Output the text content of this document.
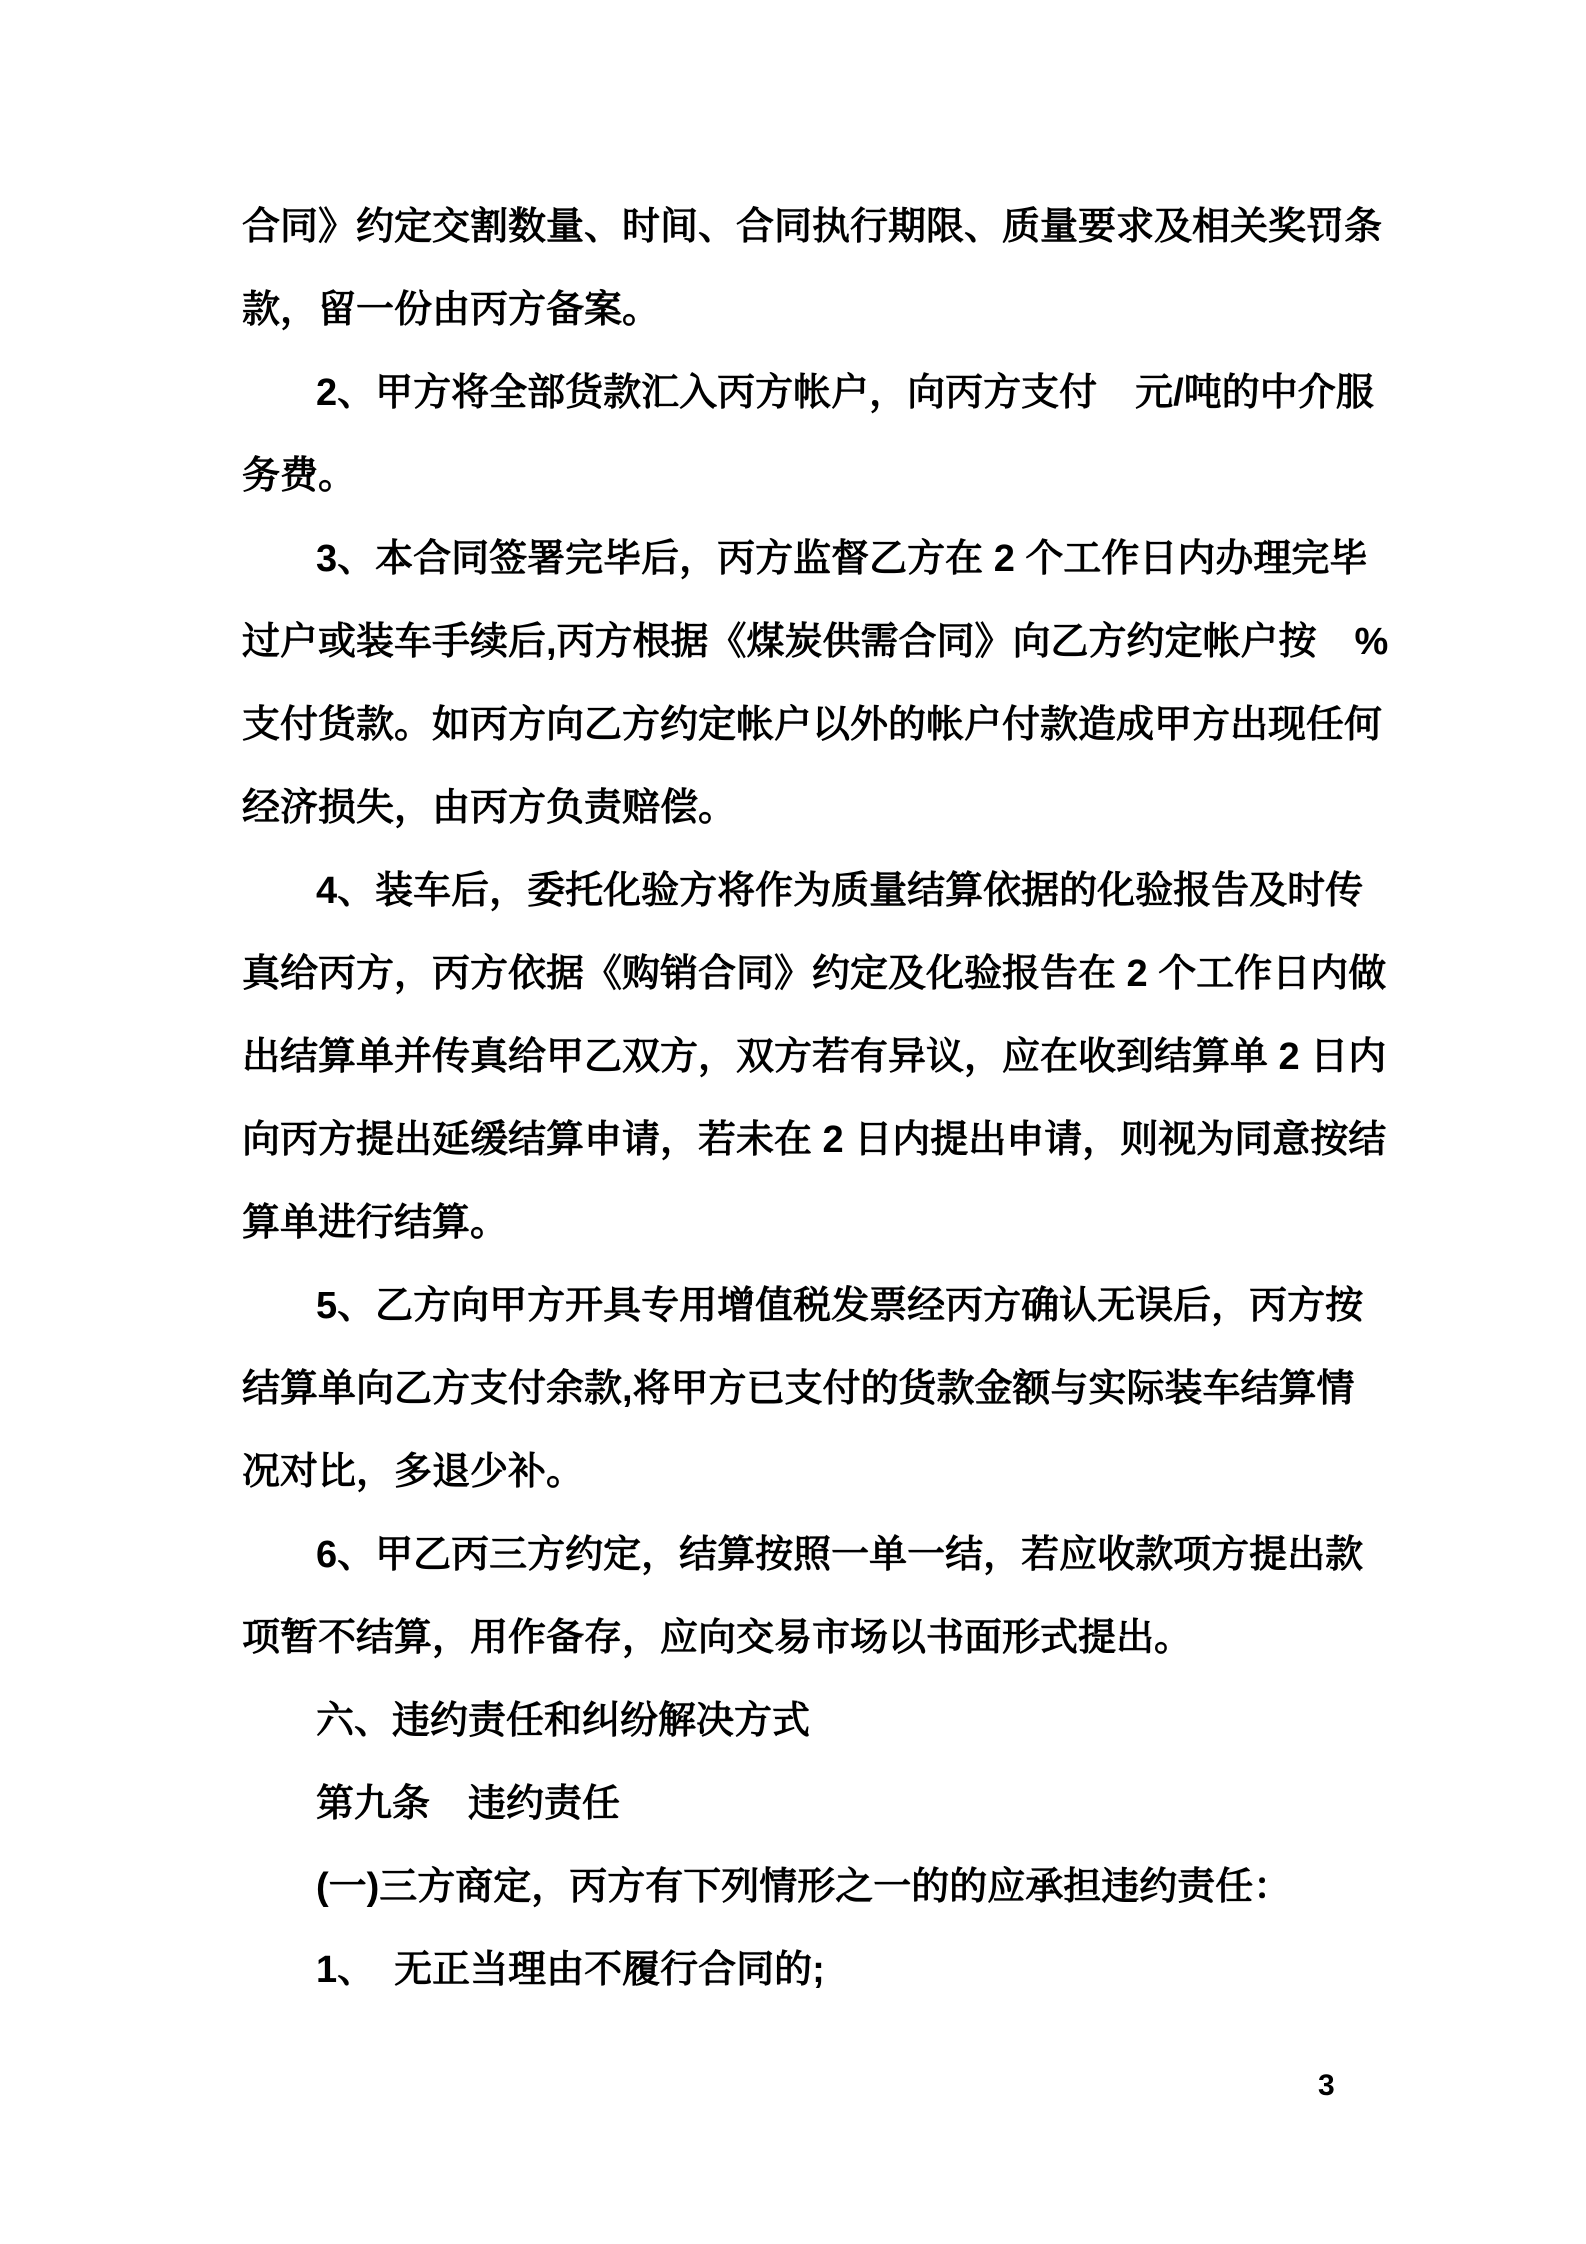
合同》约定交割数量、时间、合同执行期限、质量要求及相关奖罚条
款，留一份由丙方备案。
2、甲方将全部货款汇入丙方帐户，向丙方支付　元/吨的中介服
务费。
3、本合同签署完毕后，丙方监督乙方在 2 个工作日内办理完毕
过户或装车手续后,丙方根据《煤炭供需合同》向乙方约定帐户按　%
支付货款。如丙方向乙方约定帐户以外的帐户付款造成甲方出现任何
经济损失，由丙方负责赔偿。
4、装车后，委托化验方将作为质量结算依据的化验报告及时传
真给丙方，丙方依据《购销合同》约定及化验报告在 2 个工作日内做
出结算单并传真给甲乙双方，双方若有异议，应在收到结算单 2 日内
向丙方提出延缓结算申请，若未在 2 日内提出申请，则视为同意按结
算单进行结算。
5、乙方向甲方开具专用增值税发票经丙方确认无误后，丙方按
结算单向乙方支付余款,将甲方已支付的货款金额与实际装车结算情
况对比，多退少补。
6、甲乙丙三方约定，结算按照一单一结，若应收款项方提出款
项暂不结算，用作备存，应向交易市场以书面形式提出。
六、违约责任和纠纷解决方式
第九条　违约责任
(一)三方商定，丙方有下列情形之一的的应承担违约责任：
1、　无正当理由不履行合同的;
3
